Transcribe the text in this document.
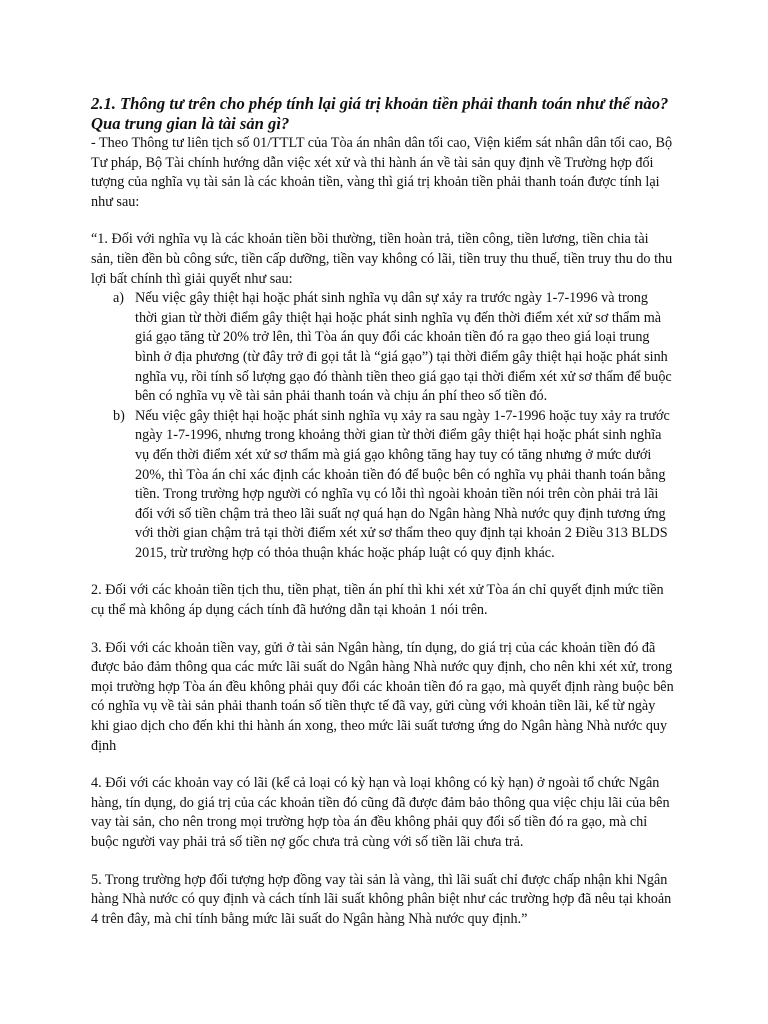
2.1. Thông tư trên cho phép tính lại giá trị khoản tiền phải thanh toán như thế nào? Qua trung gian là tài sản gì?
- Theo Thông tư liên tịch số 01/TTLT của Tòa án nhân dân tối cao, Viện kiểm sát nhân dân tối cao, Bộ Tư pháp, Bộ Tài chính hướng dẫn việc xét xử và thi hành án về tài sản quy định về Trường hợp đối tượng của nghĩa vụ tài sản là các khoản tiền, vàng thì giá trị khoản tiền phải thanh toán được tính lại như sau:
“1. Đối với nghĩa vụ là các khoản tiền bồi thường, tiền hoàn trả, tiền công, tiền lương, tiền chia tài sản, tiền đền bù công sức, tiền cấp dưỡng, tiền vay không có lãi, tiền truy thu thuế, tiền truy thu do thu lợi bất chính thì giải quyết như sau:
a) Nếu việc gây thiệt hại hoặc phát sinh nghĩa vụ dân sự xảy ra trước ngày 1-7-1996 và trong thời gian từ thời điểm gây thiệt hại hoặc phát sinh nghĩa vụ đến thời điểm xét xử sơ thẩm mà giá gạo tăng từ 20% trở lên, thì Tòa án quy đổi các khoản tiền đó ra gạo theo giá loại trung bình ở địa phương (từ đây trở đi gọi tắt là “giá gạo”) tại thời điểm gây thiệt hại hoặc phát sinh nghĩa vụ, rồi tính số lượng gạo đó thành tiền theo giá gạo tại thời điểm xét xử sơ thẩm để buộc bên có nghĩa vụ về tài sản phải thanh toán và chịu án phí theo số tiền đó.
b) Nếu việc gây thiệt hại hoặc phát sinh nghĩa vụ xảy ra sau ngày 1-7-1996 hoặc tuy xảy ra trước ngày 1-7-1996, nhưng trong khoảng thời gian từ thời điểm gây thiệt hại hoặc phát sinh nghĩa vụ đến thời điểm xét xử sơ thẩm mà giá gạo không tăng hay tuy có tăng nhưng ở mức dưới 20%, thì Tòa án chỉ xác định các khoản tiền đó để buộc bên có nghĩa vụ phải thanh toán bằng tiền. Trong trường hợp người có nghĩa vụ có lỗi thì ngoài khoản tiền nói trên còn phải trả lãi đối với số tiền chậm trả theo lãi suất nợ quá hạn do Ngân hàng Nhà nước quy định tương ứng với thời gian chậm trả tại thời điểm xét xử sơ thẩm theo quy định tại khoản 2 Điều 313 BLDS 2015, trừ trường hợp có thỏa thuận khác hoặc pháp luật có quy định khác.
2. Đối với các khoản tiền tịch thu, tiền phạt, tiền án phí thì khi xét xử Tòa án chỉ quyết định mức tiền cụ thể mà không áp dụng cách tính đã hướng dẫn tại khoản 1 nói trên.
3. Đối với các khoản tiền vay, gửi ở tài sản Ngân hàng, tín dụng, do giá trị của các khoản tiền đó đã được bảo đảm thông qua các mức lãi suất do Ngân hàng Nhà nước quy định, cho nên khi xét xử, trong mọi trường hợp Tòa án đều không phải quy đổi các khoản tiền đó ra gạo, mà quyết định ràng buộc bên có nghĩa vụ về tài sản phải thanh toán số tiền thực tế đã vay, gửi cùng với khoản tiền lãi, kể từ ngày khi giao dịch cho đến khi thi hành án xong, theo mức lãi suất tương ứng do Ngân hàng Nhà nước quy định
4. Đối với các khoản vay có lãi (kể cả loại có kỳ hạn và loại không có kỳ hạn) ở ngoài tổ chức Ngân hàng, tín dụng, do giá trị của các khoản tiền đó cũng đã được đảm bảo thông qua việc chịu lãi của bên vay tài sản, cho nên trong mọi trường hợp tòa án đều không phải quy đổi số tiền đó ra gạo, mà chỉ buộc người vay phải trả số tiền nợ gốc chưa trả cùng với số tiền lãi chưa trả.
5. Trong trường hợp đối tượng hợp đồng vay tài sản là vàng, thì lãi suất chỉ được chấp nhận khi Ngân hàng Nhà nước có quy định và cách tính lãi suất không phân biệt như các trường hợp đã nêu tại khoản 4 trên đây, mà chỉ tính bằng mức lãi suất do Ngân hàng Nhà nước quy định.”
